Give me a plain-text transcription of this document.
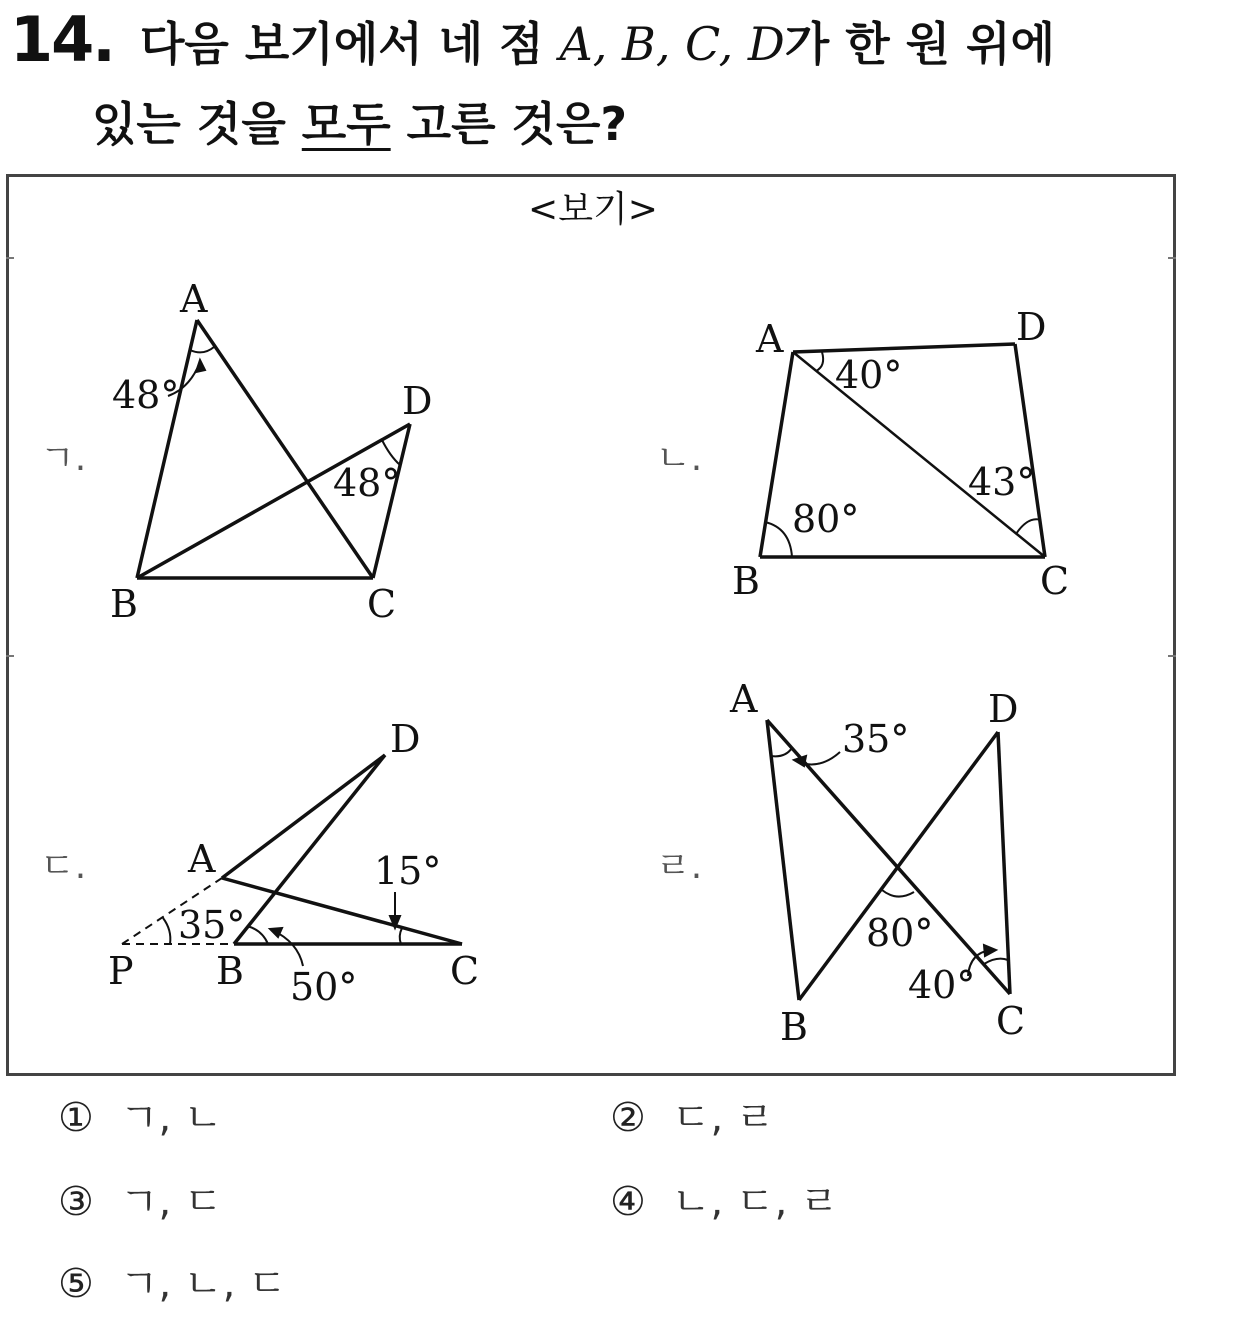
14. 다음 보기에서 네 점 A, B, C, D가 한 원 위에
있는 것을 모두 고른 것은?
<보기>
A
B	C
D
48°
48°
ㄱ.
A
B	C
D
40°
80°
43°
ㄴ.
A
B	C
D
P
35°
15°
50°
ㄷ.
A
B	C
D
35°
80°
40°
ㄹ.
① ㄱ, ㄴ	② ㄷ, ㄹ
③ ㄱ, ㄷ	④ ㄴ, ㄷ, ㄹ
⑤ ㄱ, ㄴ, ㄷ
